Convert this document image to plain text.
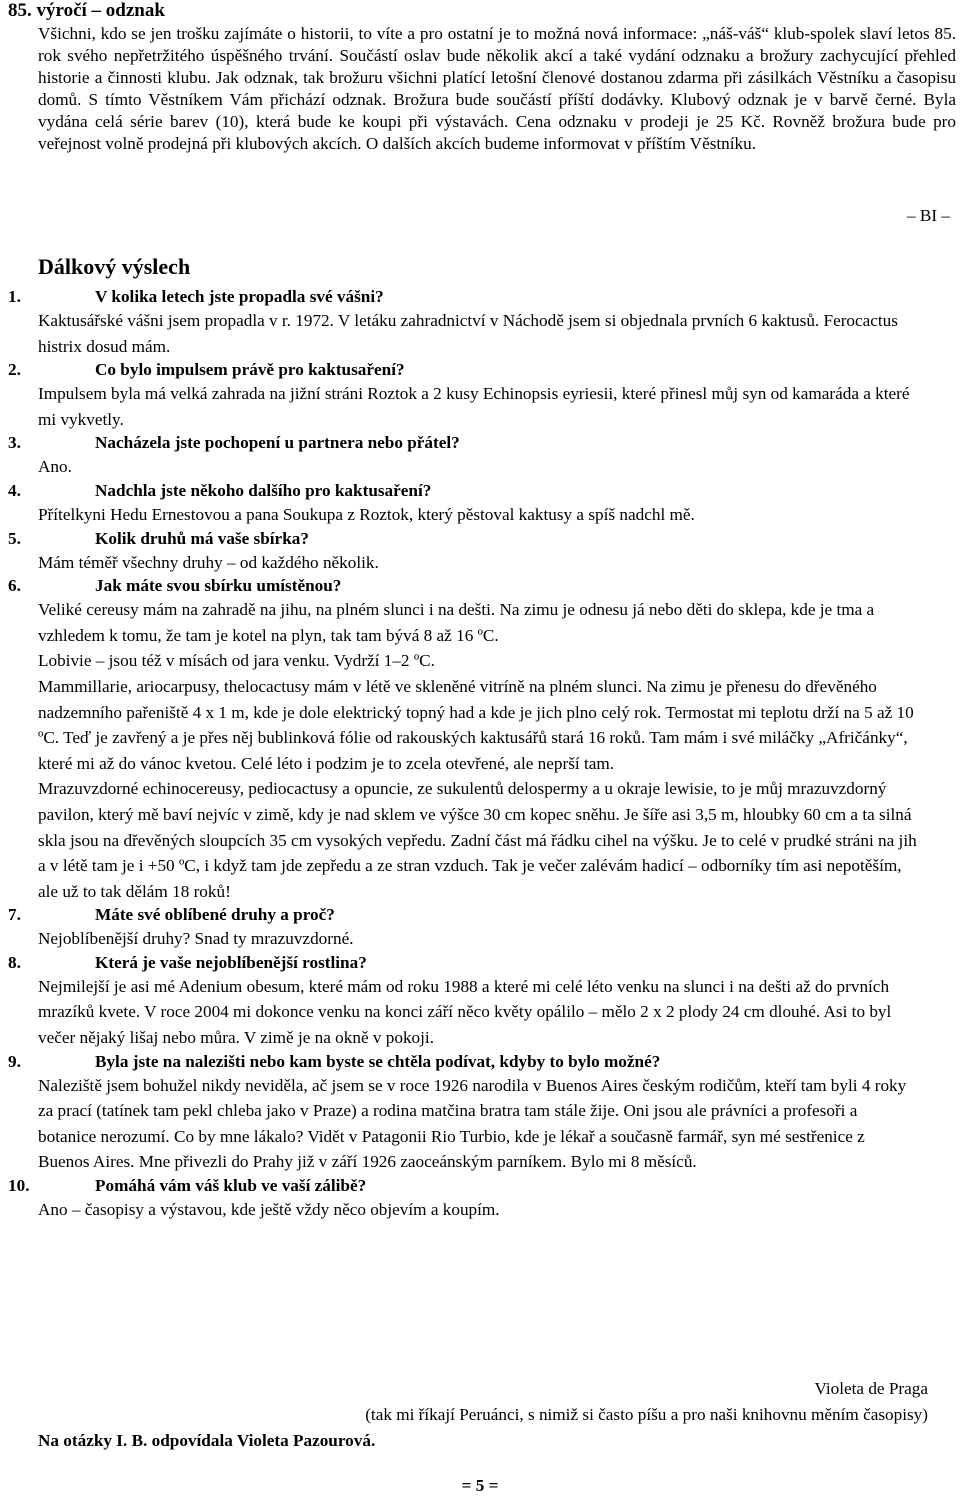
85. výročí – odznak
Všichni, kdo se jen trošku zajímáte o historii, to víte a pro ostatní je to možná nová informace: „náš-váš“ klub-spolek slaví letos 85. rok svého nepřetržitého úspěšného trvání. Součástí oslav bude několik akcí a také vydání odznaku a brožury zachycující přehled historie a činnosti klubu. Jak odznak, tak brožuru všichni platící letošní členové dostanou zdarma při zásilkách Věstníku a časopisu domů. S tímto Věstníkem Vám přichází odznak. Brožura bude součástí příští dodávky. Klubový odznak je v barvě černé. Byla vydána celá série barev (10), která bude ke koupi při výstavách. Cena odznaku v prodeji je 25 Kč. Rovněž brožura bude pro veřejnost volně prodejná při klubových akcích. O dalších akcích budeme informovat v příštím Věstníku.
– BI –
Dálkový výslech
1.	V kolika letech jste propadla své vášni?

Kaktusářské vášni jsem propadla v r. 1972. V letáku zahradnictví v Náchodě jsem si objednala prvních 6 kaktusů. Ferocactus histrix dosud mám.

2.	Co bylo impulsem právě pro kaktusaření?

Impulsem byla má velká zahrada na jižní stráni Roztok a 2 kusy Echinopsis eyriesii, které přinesl můj syn od kamaráda a které mi vykvetly.

3.	Nacházela jste pochopení u partnera nebo přátel?

Ano.

4.	Nadchla jste někoho dalšího pro kaktusaření?

Přítelkyni Hedu Ernestovou a pana Soukupa z Roztok, který pěstoval kaktusy a spíš nadchl mě.

5.	Kolik druhů má vaše sbírka?

Mám téměř všechny druhy – od každého několik.

6.	Jak máte svou sbírku umístěnou?

Veliké cereusy mám na zahradě na jihu, na plném slunci i na dešti. Na zimu je odnesu já nebo děti do sklepa, kde je tma a vzhledem k tomu, že tam je kotel na plyn, tak tam bývá 8 až 16 ºC.

Lobivie – jsou též v mísách od jara venku. Vydrží 1–2 ºC.

Mammillarie, ariocarpusy, thelocactusy mám v létě ve skleněné vitríně na plném slunci. Na zimu je přenesu do dřevěného nadzemního pařeniště 4 x 1 m, kde je dole elektrický topný had a kde je jich plno celý rok. Termostat mi teplotu drží na 5 až 10 ºC. Teď je zavřený a je přes něj bublinková fólie od rakouských kaktusářů stará 16 roků. Tam mám i své miláčky „Afričánky“, které mi až do vánoc kvetou. Celé léto i podzim je to zcela otevřené, ale neprší tam.

Mrazuvzdorné echinocereusy, pediocactusy a opuncie, ze sukulentů delospermy a u okraje lewisie, to je můj mrazuvzdorný pavilon, který mě baví nejvíc v zimě, kdy je nad sklem ve výšce 30 cm kopec sněhu. Je šíře asi 3,5 m, hloubky 60 cm a ta silná skla jsou na dřevěných sloupcích 35 cm vysokých vepředu. Zadní část má řádku cihel na výšku. Je to celé v prudké stráni na jih a v létě tam je i +50 ºC, i když tam jde zepředu a ze stran vzduch. Tak je večer zalévám hadicí – odborníky tím asi nepotěším, ale už to tak dělám 18 roků!

7.	Máte své oblíbené druhy a proč?

Nejoblíbenější druhy? Snad ty mrazuvzdorné.

8.	Která je vaše nejoblíbenější rostlina?

Nejmilejší je asi mé Adenium obesum, které mám od roku 1988 a které mi celé léto venku na slunci i na dešti až do prvních mrazíků kvete. V roce 2004 mi dokonce venku na konci září něco květy opálilo – mělo 2 x 2 plody 24 cm dlouhé. Asi to byl večer nějaký lišaj nebo můra. V zimě je na okně v pokoji.

9.	Byla jste na nalezišti nebo kam byste se chtěla podívat, kdyby to bylo možné?

Naleziště jsem bohužel nikdy neviděla, ač jsem se v roce 1926 narodila v Buenos Aires českým rodičům, kteří tam byli 4 roky za prací (tatínek tam pekl chleba jako v Praze) a rodina matčina bratra tam stále žije. Oni jsou ale právníci a profesoři a botanice nerozumí. Co by mne lákalo? Vidět v Patagonii Rio Turbio, kde je lékař a současně farmář, syn mé sestřenice z Buenos Aires. Mne přivezli do Prahy již v září 1926 zaoceánským parníkem. Bylo mi 8 měsíců.

10.	Pomáhá vám váš klub ve vaší zálibě?

Ano – časopisy a výstavou, kde ještě vždy něco objevím a koupím.

Violeta de Praga
(tak mi říkají Peruánci, s nimiž si často píšu a pro naši knihovnu měním časopisy)
Na otázky I. B. odpovídala Violeta Pazourová.
= 5 =
